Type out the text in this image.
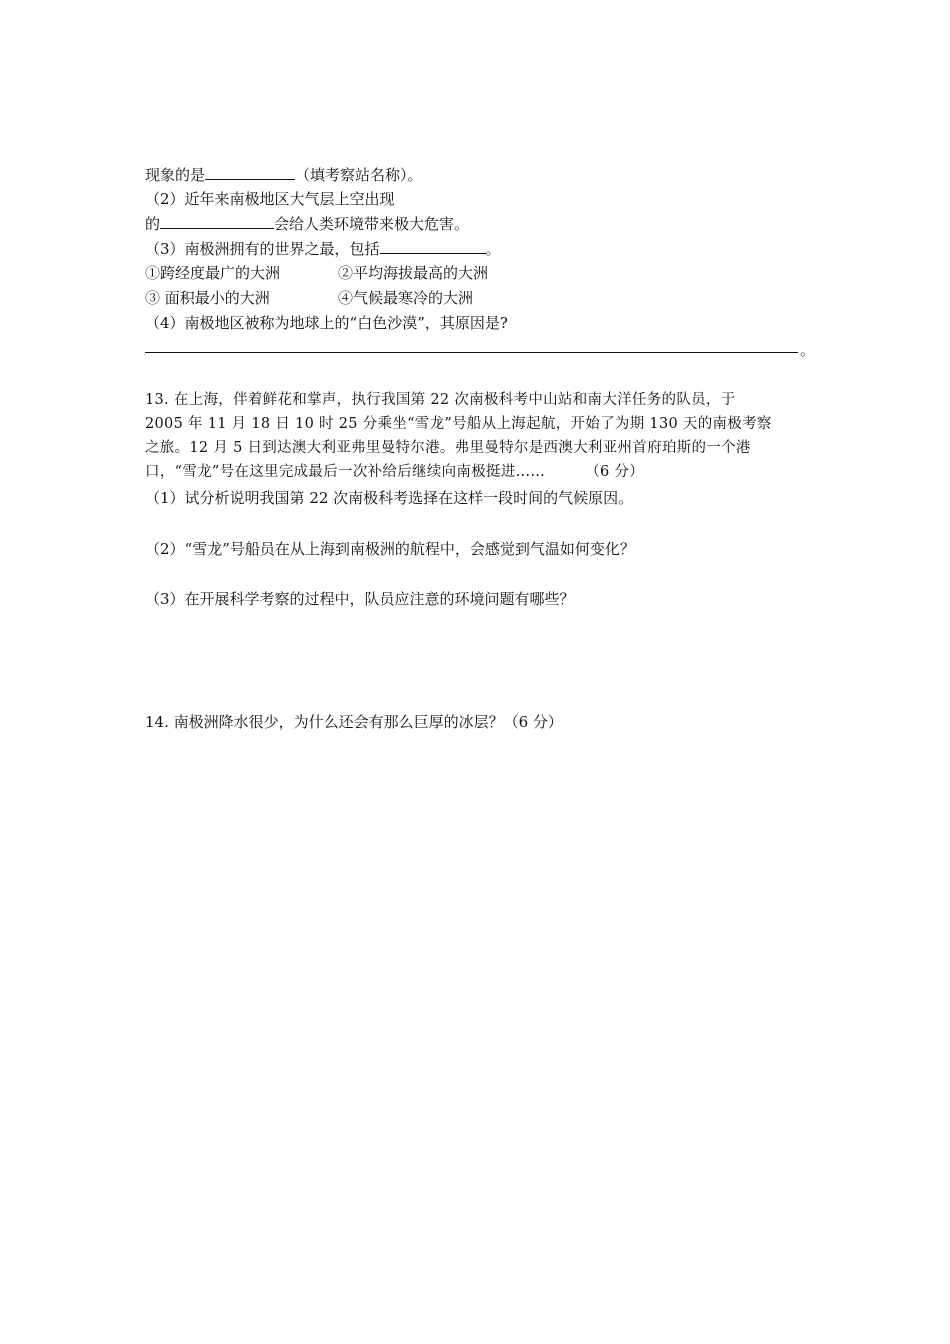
现象的是	（填考察站名称）。
（2）近年来南极地区大气层上空出现
的	会给人类环境带来极大危害。
（3）南极洲拥有的世界之最，包括	。
①跨经度最广的大洲	②平均海拔最高的大洲
③ 面积最小的大洲	④气候最寒冷的大洲
（4）南极地区被称为地球上的“白色沙漠”，其原因是?
。
13. 在上海，伴着鲜花和掌声，执行我国第 22 次南极科考中山站和南大洋任务的队员，于
2005 年 11 月 18 日 10 时 25 分乘坐“雪龙”号船从上海起航，开始了为期 130 天的南极考察
之旅。12 月 5 日到达澳大利亚弗里曼特尔港。弗里曼特尔是西澳大利亚州首府珀斯的一个港
口，“雪龙”号在这里完成最后一次补给后继续向南极挺进……	（6 分）
（1）试分析说明我国第 22 次南极科考选择在这样一段时间的气候原因。
（2）“雪龙”号船员在从上海到南极洲的航程中，会感觉到气温如何变化？
（3）在开展科学考察的过程中，队员应注意的环境问题有哪些？
14. 南极洲降水很少，为什么还会有那么巨厚的冰层？（6 分）
